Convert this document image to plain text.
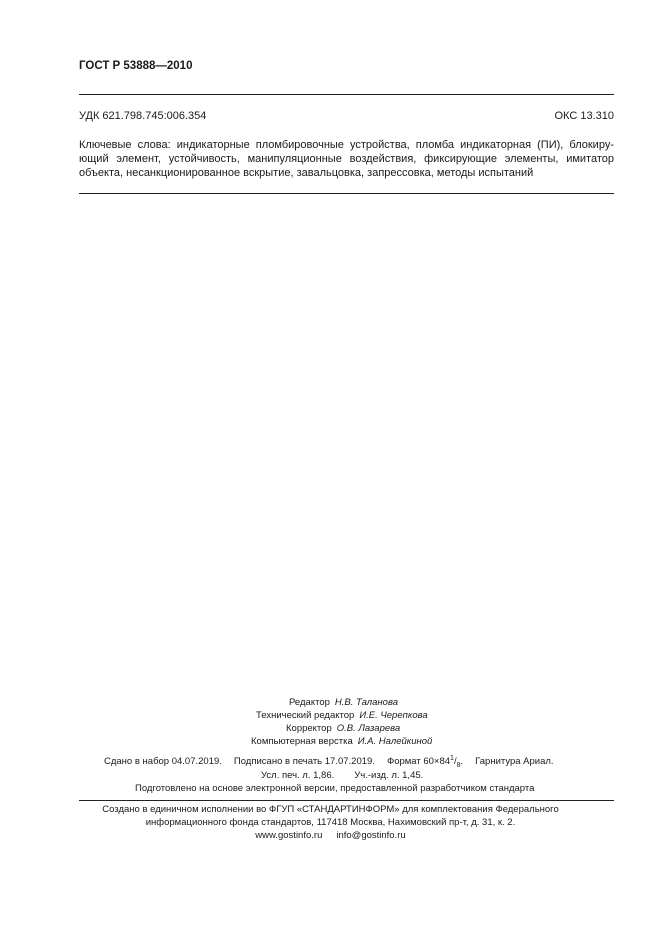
ГОСТ Р 53888—2010
УДК 621.798.745:006.354	ОКС 13.310
Ключевые слова: индикаторные пломбировочные устройства, пломба индикаторная (ПИ), блокиру-
ющий элемент, устойчивость, манипуляционные воздействия, фиксирующие элементы, имитатор
объекта, несанкционированное вскрытие, завальцовка, запрессовка, методы испытаний
Редактор Н.В. Таланова
Технический редактор И.Е. Черепкова
Корректор О.В. Лазарева
Компьютерная верстка И.А. Налейкиной
Сдано в набор 04.07.2019. Подписано в печать 17.07.2019. Формат $60\times 84^1/_8$. Гарнитура Ариал.
Усл. печ. л. 1,86. Уч.-изд. л. 1,45.
Подготовлено на основе электронной версии, предоставленной разработчиком стандарта
Создано в единичном исполнении во ФГУП «СТАНДАРТИНФОРМ» для комплектования Федерального
информационного фонда стандартов, 117418 Москва, Нахимовский пр-т, д. 31, к. 2.
www.gostinfo.ru info@gostinfo.ru
